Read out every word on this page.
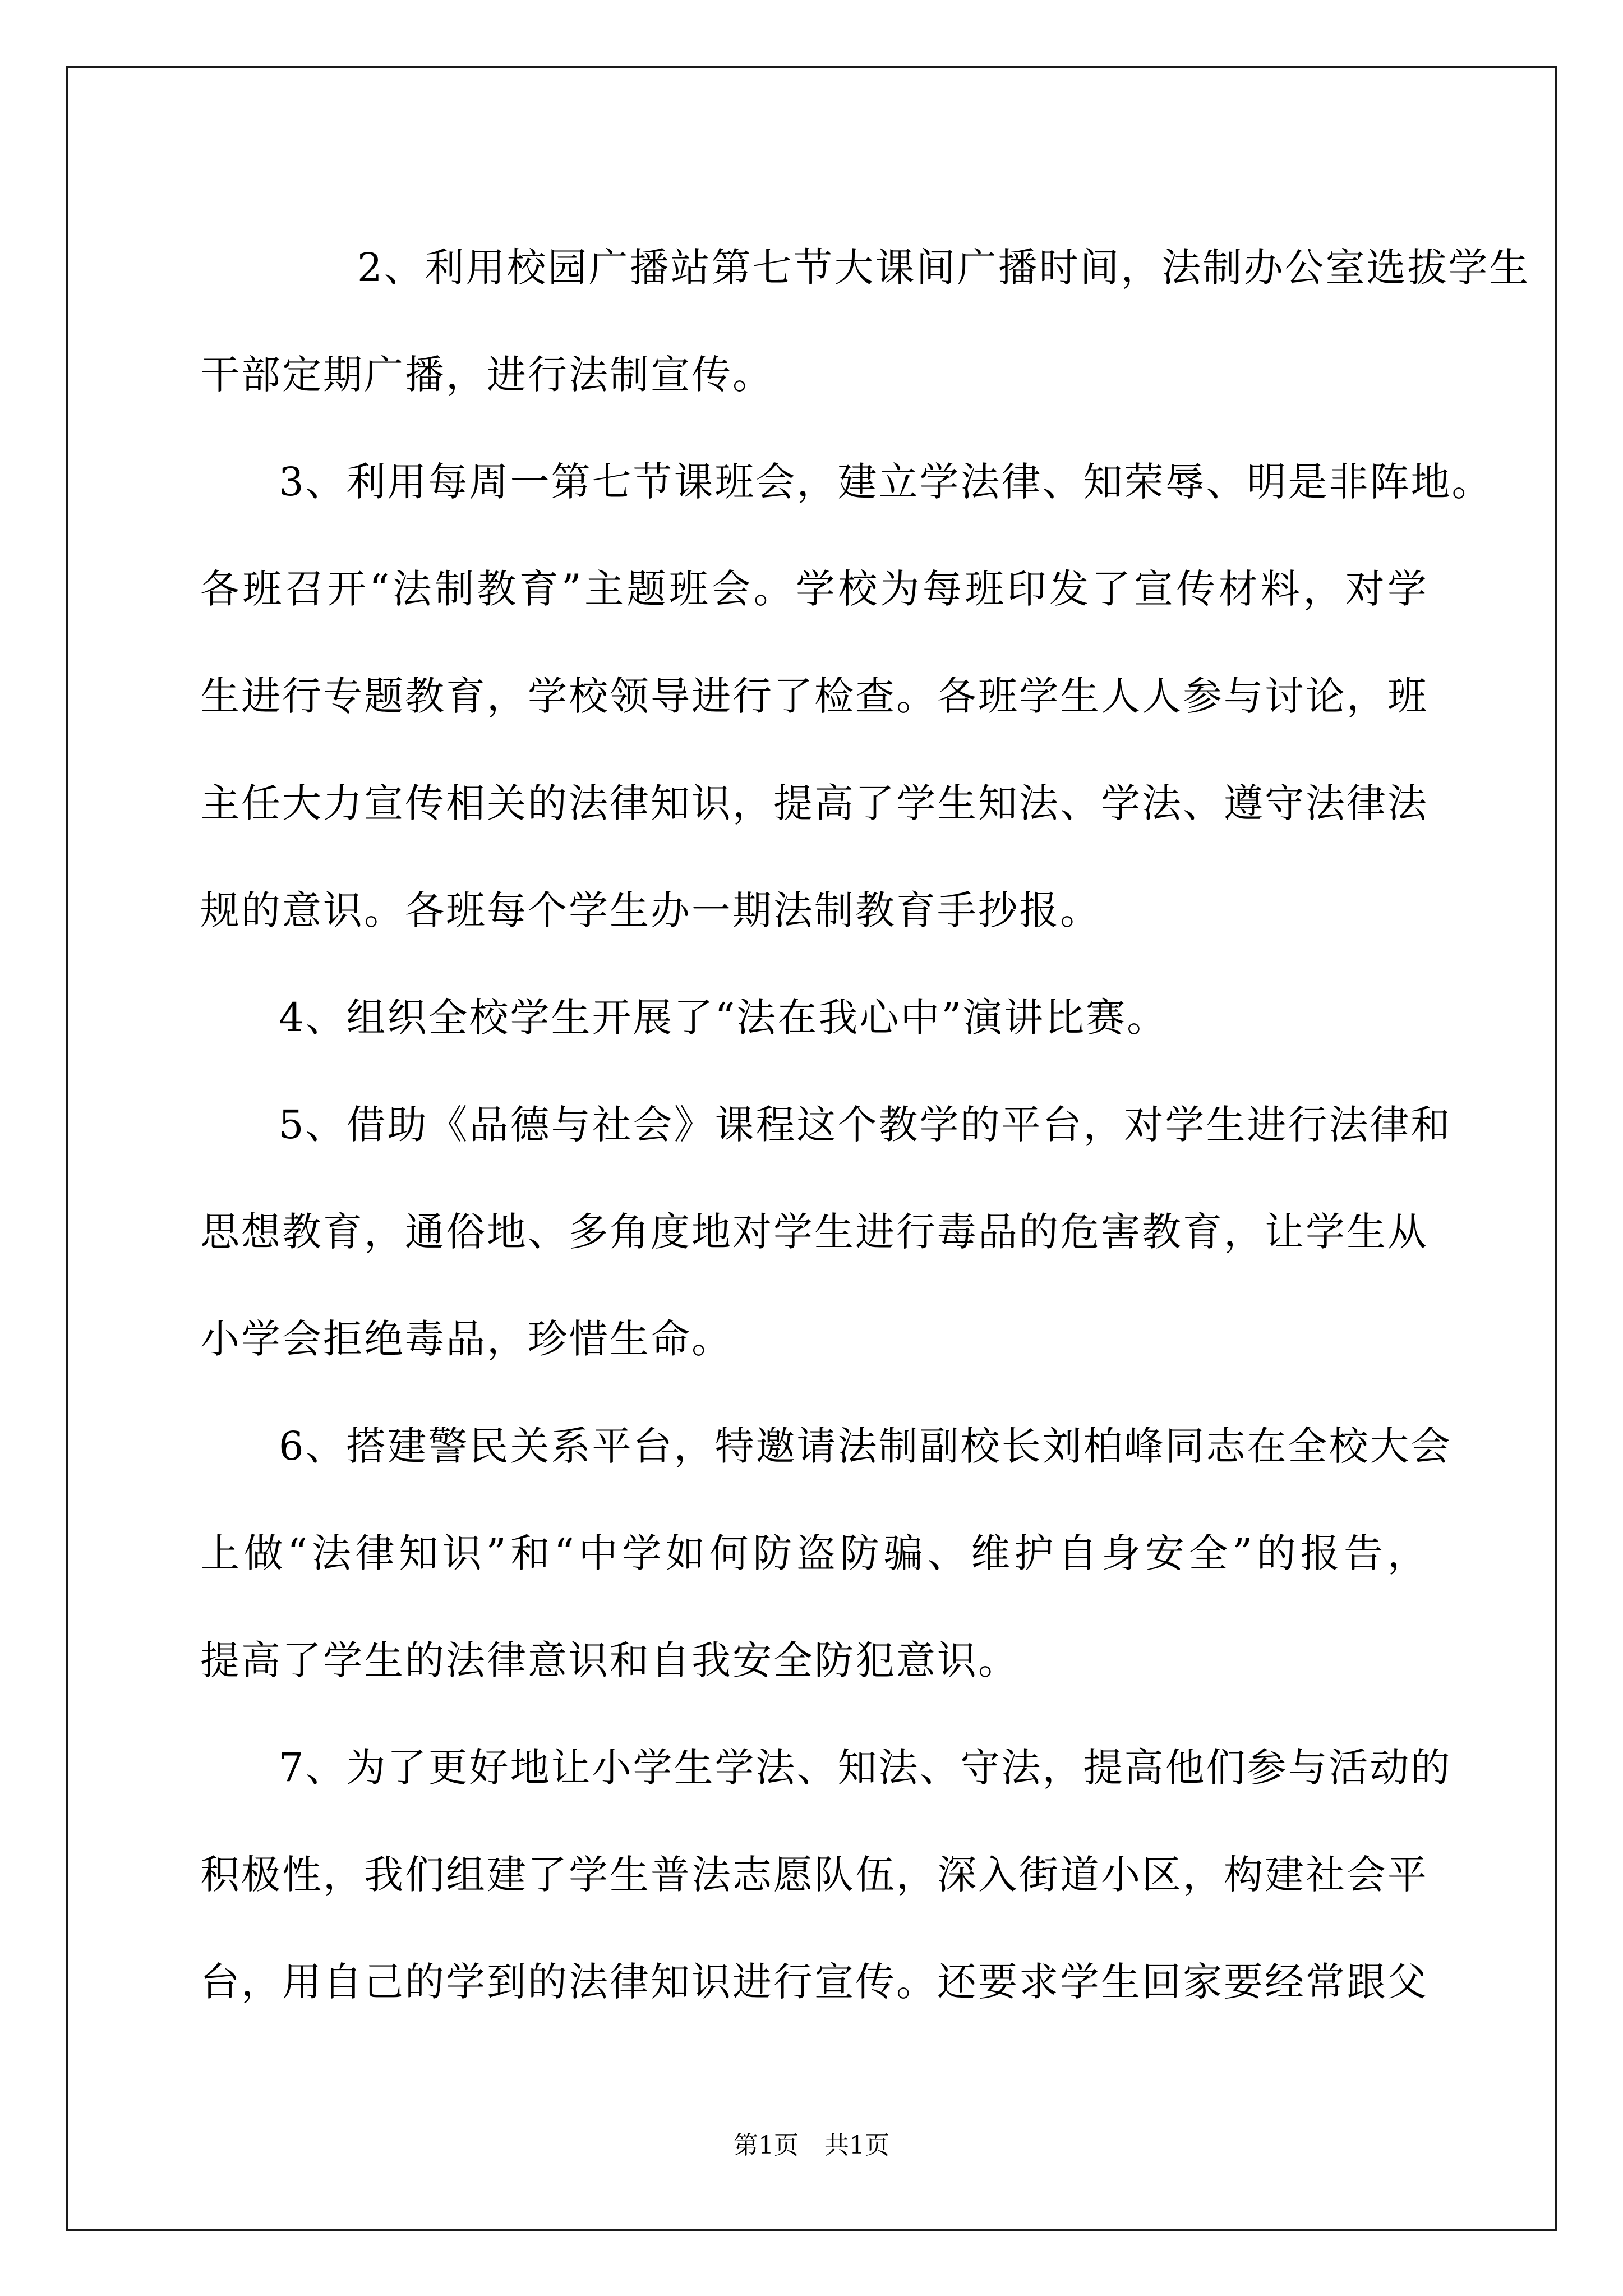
2、利用校园广播站第七节大课间广播时间，法制办公室选拔学生
干部定期广播，进行法制宣传。
3、利用每周一第七节课班会，建立学法律、知荣辱、明是非阵地。
各班召开“法制教育”主题班会。学校为每班印发了宣传材料，对学
生进行专题教育，学校领导进行了检查。各班学生人人参与讨论，班
主任大力宣传相关的法律知识，提高了学生知法、学法、遵守法律法
规的意识。各班每个学生办一期法制教育手抄报。
4、组织全校学生开展了“法在我心中”演讲比赛。
5、借助《品德与社会》课程这个教学的平台，对学生进行法律和
思想教育，通俗地、多角度地对学生进行毒品的危害教育，让学生从
小学会拒绝毒品，珍惜生命。
6、搭建警民关系平台，特邀请法制副校长刘柏峰同志在全校大会
上做“法律知识”和“中学如何防盗防骗、维护自身安全”的报告，
提高了学生的法律意识和自我安全防犯意识。
7、为了更好地让小学生学法、知法、守法，提高他们参与活动的
积极性，我们组建了学生普法志愿队伍，深入街道小区，构建社会平
台，用自己的学到的法律知识进行宣传。还要求学生回家要经常跟父
第1页 共1页
